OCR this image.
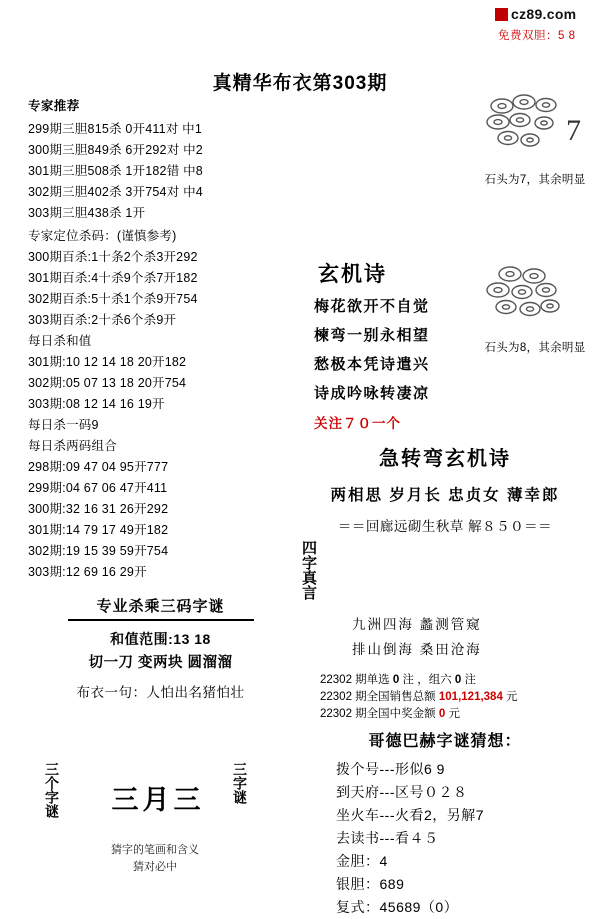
cz89.com
免费双胆：5 8
真精华布衣第303期
专家推荐
299期三胆815杀 0开411对 中1
300期三胆849杀 6开292对 中2
301期三胆508杀 1开182错 中8
302期三胆402杀 3开754对 中4
303期三胆438杀 1开
专家定位杀码：(谨慎参考)
300期百杀:1十条2个杀3开292
301期百杀:4十杀9个杀7开182
302期百杀:5十杀1个杀9开754
303期百杀:2十杀6个杀9开
每日杀和值
301期:10 12 14 18 20开182
302期:05 07 13 18 20开754
303期:08 12 14 16 19开
每日杀一码9
每日杀两码组合
298期:09 47 04 95开777
299期:04 67 06 47开411
300期:32 16 31 26开292
301期:14 79 17 49开182
302期:19 15 39 59开754
303期:12 69 16 29开
专业杀乘三码字谜
和值范围:13 18
切一刀 变两块 圆溜溜
布衣一句：人怕出名猪怕壮
三个字谜	三月三	三字谜
猜字的笔画和含义
猜对必中
7
石头为7，其余明显
石头为8，其余明显
玄机诗
梅花欲开不自觉
楝弯一别永相望
愁极本凭诗遣兴
诗成吟咏转凄凉
关注７０一个
急转弯玄机诗
两相思 岁月长 忠贞女 薄幸郎
＝＝回廊远砌生秋草 解８５０＝＝
四字真言
九洲四海 蠡测管窥
排山倒海 桑田沧海
22302 期单选 0 注 ，组六 0 注
22302 期全国销售总额 101,121,384 元
22302 期全国中奖金额 0 元
哥德巴赫字谜猜想：
拨个号---形似6 9
到天府---区号０２８
坐火车---火看2，另解7
去读书---看４５
金胆：4
银胆：689
复式：45689（0）
